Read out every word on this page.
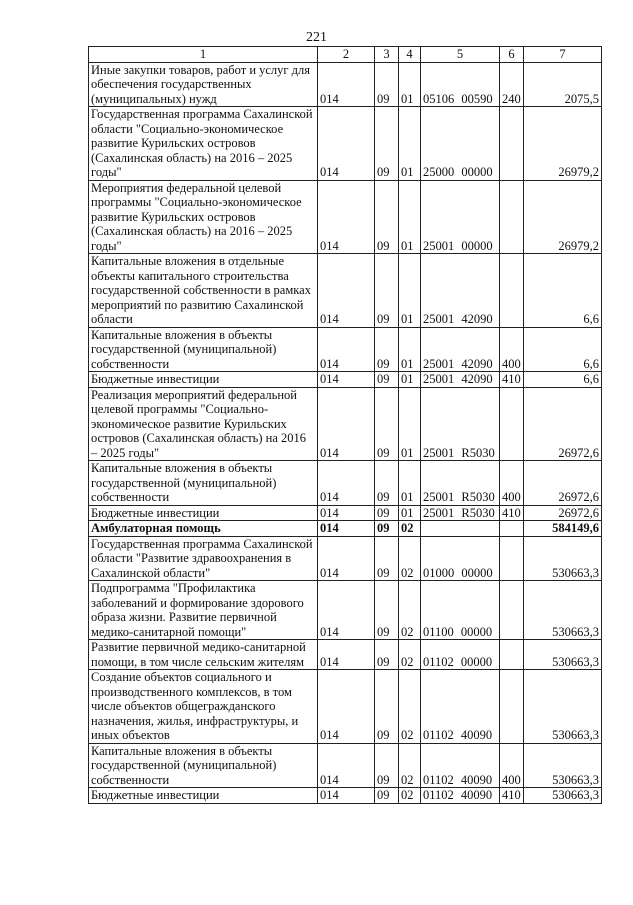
221
1	2	3	4	5	6	7
Иные закупки товаров, работ и услуг для обеспечения государственных (муниципальных) нужд	014	09	01	05106 00590	240	2075,5
Государственная программа Сахалинской области "Социально-экономическое развитие Курильских островов (Сахалинская область) на 2016 – 2025 годы"	014	09	01	25000 00000		26979,2
Мероприятия федеральной целевой программы "Социально-экономическое развитие Курильских островов (Сахалинская область) на 2016 – 2025 годы"	014	09	01	25001 00000		26979,2
Капитальные вложения в отдельные объекты капитального строительства государственной собственности в рамках мероприятий по развитию Сахалинской области	014	09	01	25001 42090		6,6
Капитальные вложения в объекты государственной (муниципальной) собственности	014	09	01	25001 42090	400	6,6
Бюджетные инвестиции	014	09	01	25001 42090	410	6,6
Реализация мероприятий федеральной целевой программы "Социально-экономическое развитие Курильских островов (Сахалинская область) на 2016 – 2025 годы"	014	09	01	25001 R5030		26972,6
Капитальные вложения в объекты государственной (муниципальной) собственности	014	09	01	25001 R5030	400	26972,6
Бюджетные инвестиции	014	09	01	25001 R5030	410	26972,6
Амбулаторная помощь	014	09	02			584149,6
Государственная программа Сахалинской области "Развитие здравоохранения в Сахалинской области"	014	09	02	01000 00000		530663,3
Подпрограмма "Профилактика заболеваний и формирование здорового образа жизни. Развитие первичной медико-санитарной помощи"	014	09	02	01100 00000		530663,3
Развитие первичной медико-санитарной помощи, в том числе сельским жителям	014	09	02	01102 00000		530663,3
Создание объектов социального и производственного комплексов, в том числе объектов общегражданского назначения, жилья, инфраструктуры, и иных объектов	014	09	02	01102 40090		530663,3
Капитальные вложения в объекты государственной (муниципальной) собственности	014	09	02	01102 40090	400	530663,3
Бюджетные инвестиции	014	09	02	01102 40090	410	530663,3
